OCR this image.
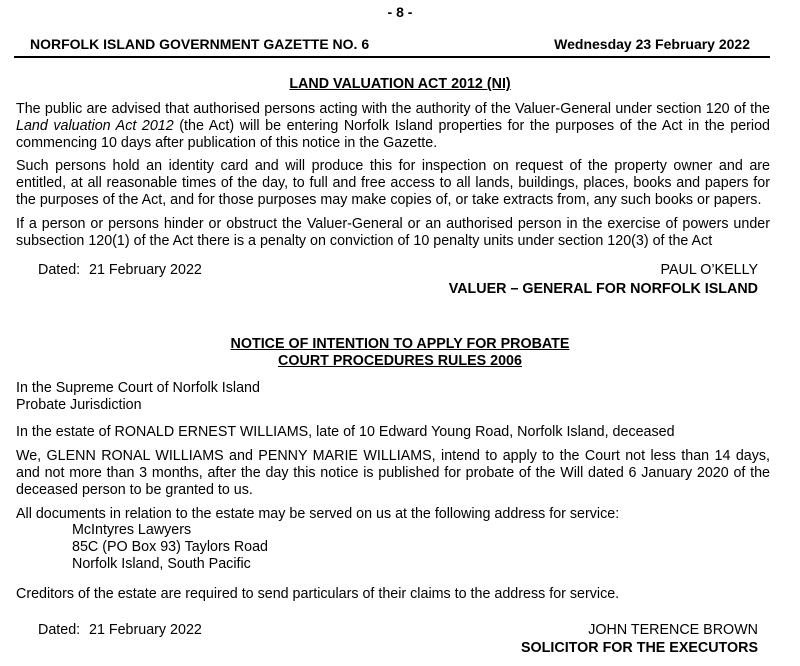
- 8 -
NORFOLK ISLAND GOVERNMENT GAZETTE NO. 6	Wednesday 23 February 2022
LAND VALUATION ACT 2012 (NI)

The public are advised that authorised persons acting with the authority of the Valuer-General under section 120 of the Land valuation Act 2012 (the Act) will be entering Norfolk Island properties for the purposes of the Act in the period commencing 10 days after publication of this notice in the Gazette.

Such persons hold an identity card and will produce this for inspection on request of the property owner and are entitled, at all reasonable times of the day, to full and free access to all lands, buildings, places, books and papers for the purposes of the Act, and for those purposes may make copies of, or take extracts from, any such books or papers.

If a person or persons hinder or obstruct the Valuer-General or an authorised person in the exercise of powers under subsection 120(1) of the Act there is a penalty on conviction of 10 penalty units under section 120(3) of the Act

Dated: 21 February 2022	PAUL O’KELLY
VALUER – GENERAL FOR NORFOLK ISLAND
NOTICE OF INTENTION TO APPLY FOR PROBATE
COURT PROCEDURES RULES 2006
In the Supreme Court of Norfolk Island
Probate Jurisdiction
In the estate of RONALD ERNEST WILLIAMS, late of 10 Edward Young Road, Norfolk Island, deceased

We, GLENN RONAL WILLIAMS and PENNY MARIE WILLIAMS, intend to apply to the Court not less than 14 days, and not more than 3 months, after the day this notice is published for probate of the Will dated 6 January 2020 of the deceased person to be granted to us.

All documents in relation to the estate may be served on us at the following address for service:
McIntyres Lawyers
85C (PO Box 93) Taylors Road
Norfolk Island, South Pacific
Creditors of the estate are required to send particulars of their claims to the address for service.
Dated: 21 February 2022	JOHN TERENCE BROWN
SOLICITOR FOR THE EXECUTORS
